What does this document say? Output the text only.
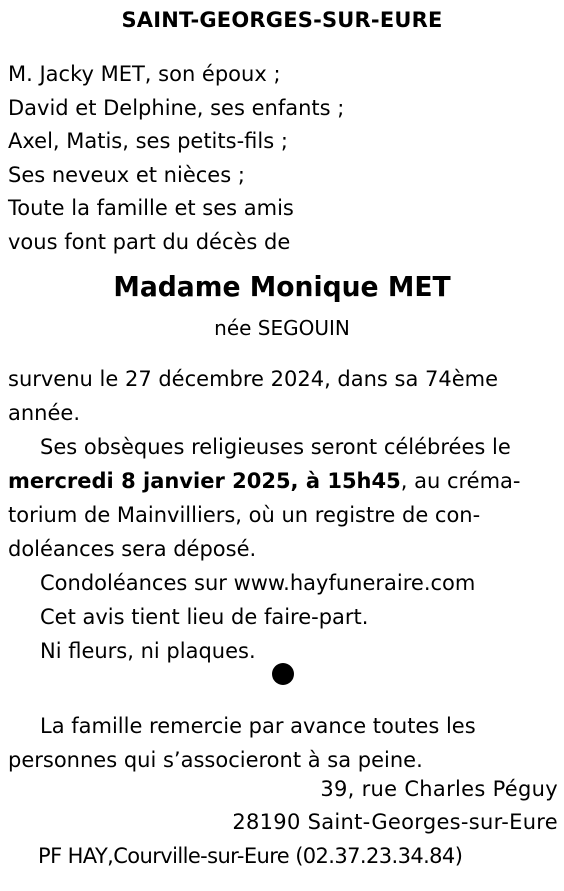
SAINT-GEORGES-SUR-EURE
M. Jacky MET, son époux ;
David et Delphine, ses enfants ;
Axel, Matis, ses petits-fils ;
Ses neveux et nièces ;
Toute la famille et ses amis
vous font part du décès de
Madame Monique MET
née SEGOUIN
survenu le 27 décembre 2024, dans sa 74ème
année.
Ses obsèques religieuses seront célébrées le
mercredi 8 janvier 2025, à 15h45, au créma-
torium de Mainvilliers, où un registre de con-
doléances sera déposé.
Condoléances sur www.hayfuneraire.com
Cet avis tient lieu de faire-part.
Ni fleurs, ni plaques.
La famille remercie par avance toutes les
personnes qui s’associeront à sa peine.
39, rue Charles Péguy
28190 Saint-Georges-sur-Eure
PF HAY,Courville-sur-Eure (02.37.23.34.84)
